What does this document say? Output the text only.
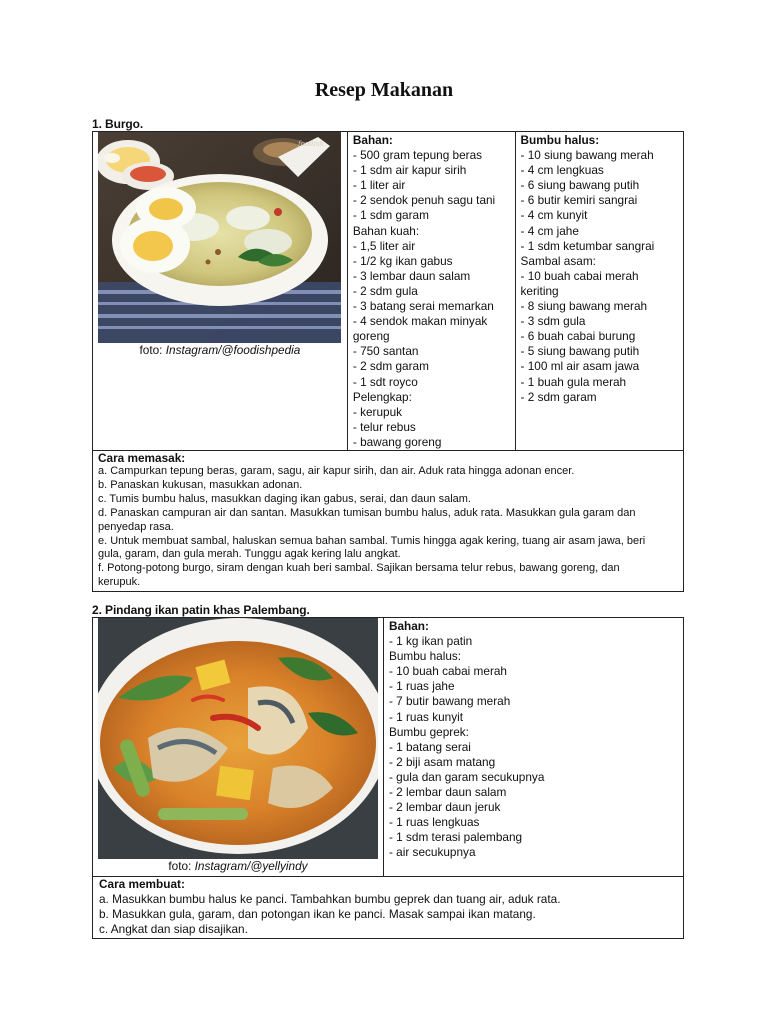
Resep Makanan
1. Burgo.
foodish
foto: Instagram/@foodishpedia

Bahan:
- 500 gram tepung beras
- 1 sdm air kapur sirih
- 1 liter air
- 2 sendok penuh sagu tani
- 1 sdm garam
Bahan kuah:
- 1,5 liter air
- 1/2 kg ikan gabus
- 3 lembar daun salam
- 2 sdm gula
- 3 batang serai memarkan
- 4 sendok makan minyak
goreng
- 750 santan
- 2 sdm garam
- 1 sdt royco
Pelengkap:
- kerupuk
- telur rebus
- bawang goreng

Bumbu halus:
- 10 siung bawang merah
- 4 cm lengkuas
- 6 siung bawang putih
- 6 butir kemiri sangrai
- 4 cm kunyit
- 4 cm jahe
- 1 sdm ketumbar sangrai
Sambal asam:
- 10 buah cabai merah
keriting
- 8 siung bawang merah
- 3 sdm gula
- 6 buah cabai burung
- 5 siung bawang putih
- 100 ml air asam jawa
- 1 buah gula merah
- 2 sdm garam

Cara memasak:
a. Campurkan tepung beras, garam, sagu, air kapur sirih, dan air. Aduk rata hingga adonan encer.
b. Panaskan kukusan, masukkan adonan.
c. Tumis bumbu halus, masukkan daging ikan gabus, serai, dan daun salam.
d. Panaskan campuran air dan santan. Masukkan tumisan bumbu halus, aduk rata. Masukkan gula garam dan
penyedap rasa.
e. Untuk membuat sambal, haluskan semua bahan sambal. Tumis hingga agak kering, tuang air asam jawa, beri
gula, garam, dan gula merah. Tunggu agak kering lalu angkat.
f. Potong-potong burgo, siram dengan kuah beri sambal. Sajikan bersama telur rebus, bawang goreng, dan
kerupuk.
2. Pindang ikan patin khas Palembang.
foto: Instagram/@yellyindy

Bahan:
- 1 kg ikan patin
Bumbu halus:
- 10 buah cabai merah
- 1 ruas jahe
- 7 butir bawang merah
- 1 ruas kunyit
Bumbu geprek:
- 1 batang serai
- 2 biji asam matang
- gula dan garam secukupnya
- 2 lembar daun salam
- 2 lembar daun jeruk
- 1 ruas lengkuas
- 1 sdm terasi palembang
- air secukupnya

Cara membuat:
a. Masukkan bumbu halus ke panci. Tambahkan bumbu geprek dan tuang air, aduk rata.
b. Masukkan gula, garam, dan potongan ikan ke panci. Masak sampai ikan matang.
c. Angkat dan siap disajikan.
